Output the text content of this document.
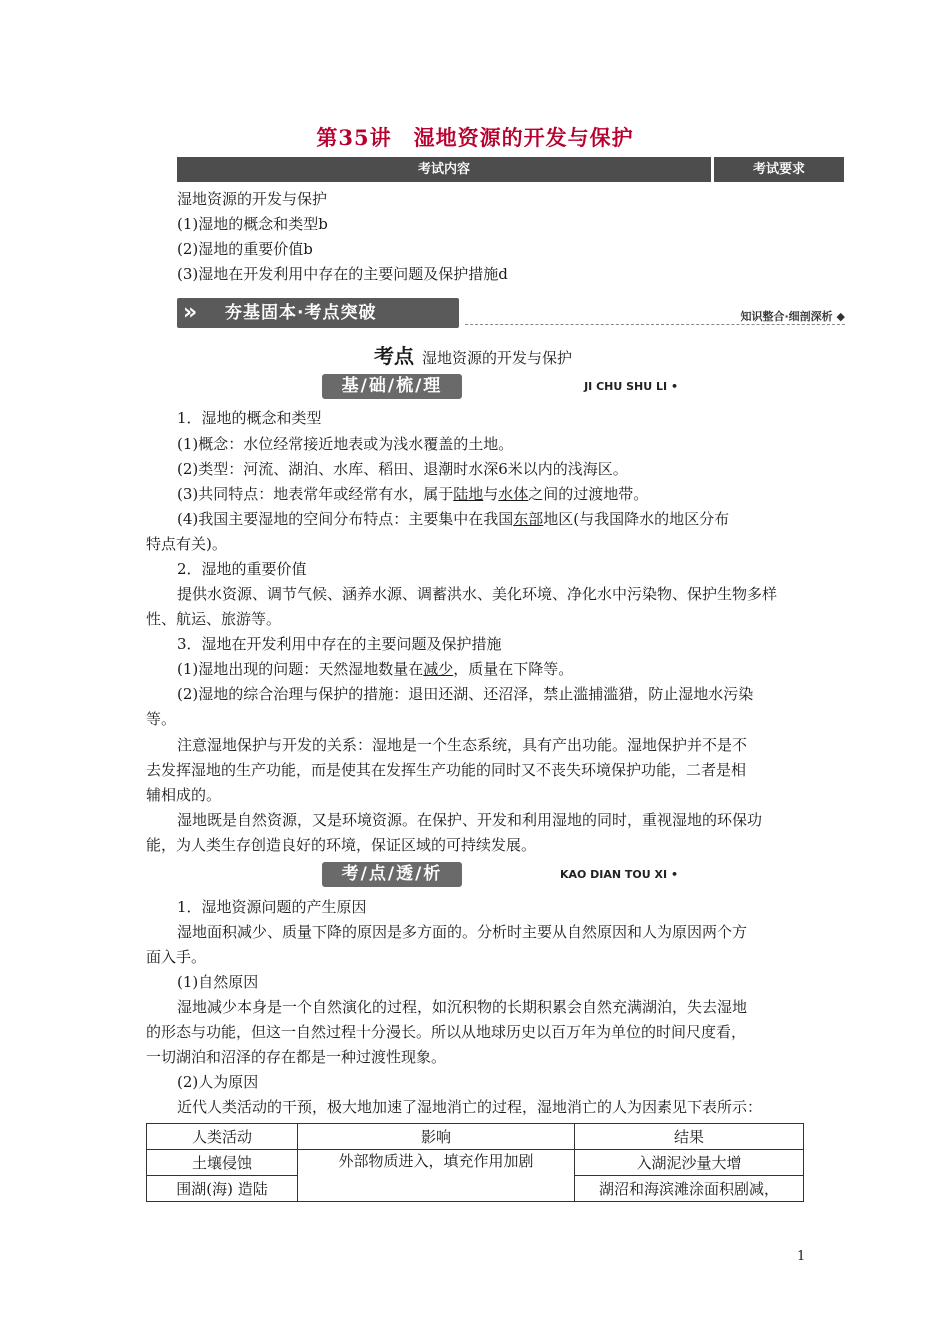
第35讲　湿地资源的开发与保护
考试内容	考试要求
湿地资源的开发与保护
(1)湿地的概念和类型b
(2)湿地的重要价值b
(3)湿地在开发利用中存在的主要问题及保护措施d
» 夯基固本·考点突破	知识整合·细剖深析 ◆
考点 湿地资源的开发与保护
基/础/梳/理	JI CHU SHU LI •
1．湿地的概念和类型
(1)概念：水位经常接近地表或为浅水覆盖的土地。
(2)类型：河流、湖泊、水库、稻田、退潮时水深6米以内的浅海区。
(3)共同特点：地表常年或经常有水，属于陆地与水体之间的过渡地带。
(4)我国主要湿地的空间分布特点：主要集中在我国东部地区(与我国降水的地区分布
特点有关)。
2．湿地的重要价值
提供水资源、调节气候、涵养水源、调蓄洪水、美化环境、净化水中污染物、保护生物多样
性、航运、旅游等。
3．湿地在开发利用中存在的主要问题及保护措施
(1)湿地出现的问题：天然湿地数量在减少，质量在下降等。
(2)湿地的综合治理与保护的措施：退田还湖、还沼泽，禁止滥捕滥猎，防止湿地水污染
等。
注意湿地保护与开发的关系：湿地是一个生态系统，具有产出功能。湿地保护并不是不
去发挥湿地的生产功能，而是使其在发挥生产功能的同时又不丧失环境保护功能，二者是相
辅相成的。
湿地既是自然资源，又是环境资源。在保护、开发和利用湿地的同时，重视湿地的环保功
能，为人类生存创造良好的环境，保证区域的可持续发展。
考/点/透/析	KAO DIAN TOU XI •
1．湿地资源问题的产生原因
湿地面积减少、质量下降的原因是多方面的。分析时主要从自然原因和人为原因两个方
面入手。
(1)自然原因
湿地减少本身是一个自然演化的过程，如沉积物的长期积累会自然充满湖泊，失去湿地
的形态与功能，但这一自然过程十分漫长。所以从地球历史以百万年为单位的时间尺度看，
一切湖泊和沼泽的存在都是一种过渡性现象。
(2)人为原因
近代人类活动的干预，极大地加速了湿地消亡的过程，湿地消亡的人为因素见下表所示：
人类活动	影响	结果
土壤侵蚀	外部物质进入，填充作用加剧	入湖泥沙量大增
围湖(海) 造陆		湖沼和海滨滩涂面积剧减，
1
